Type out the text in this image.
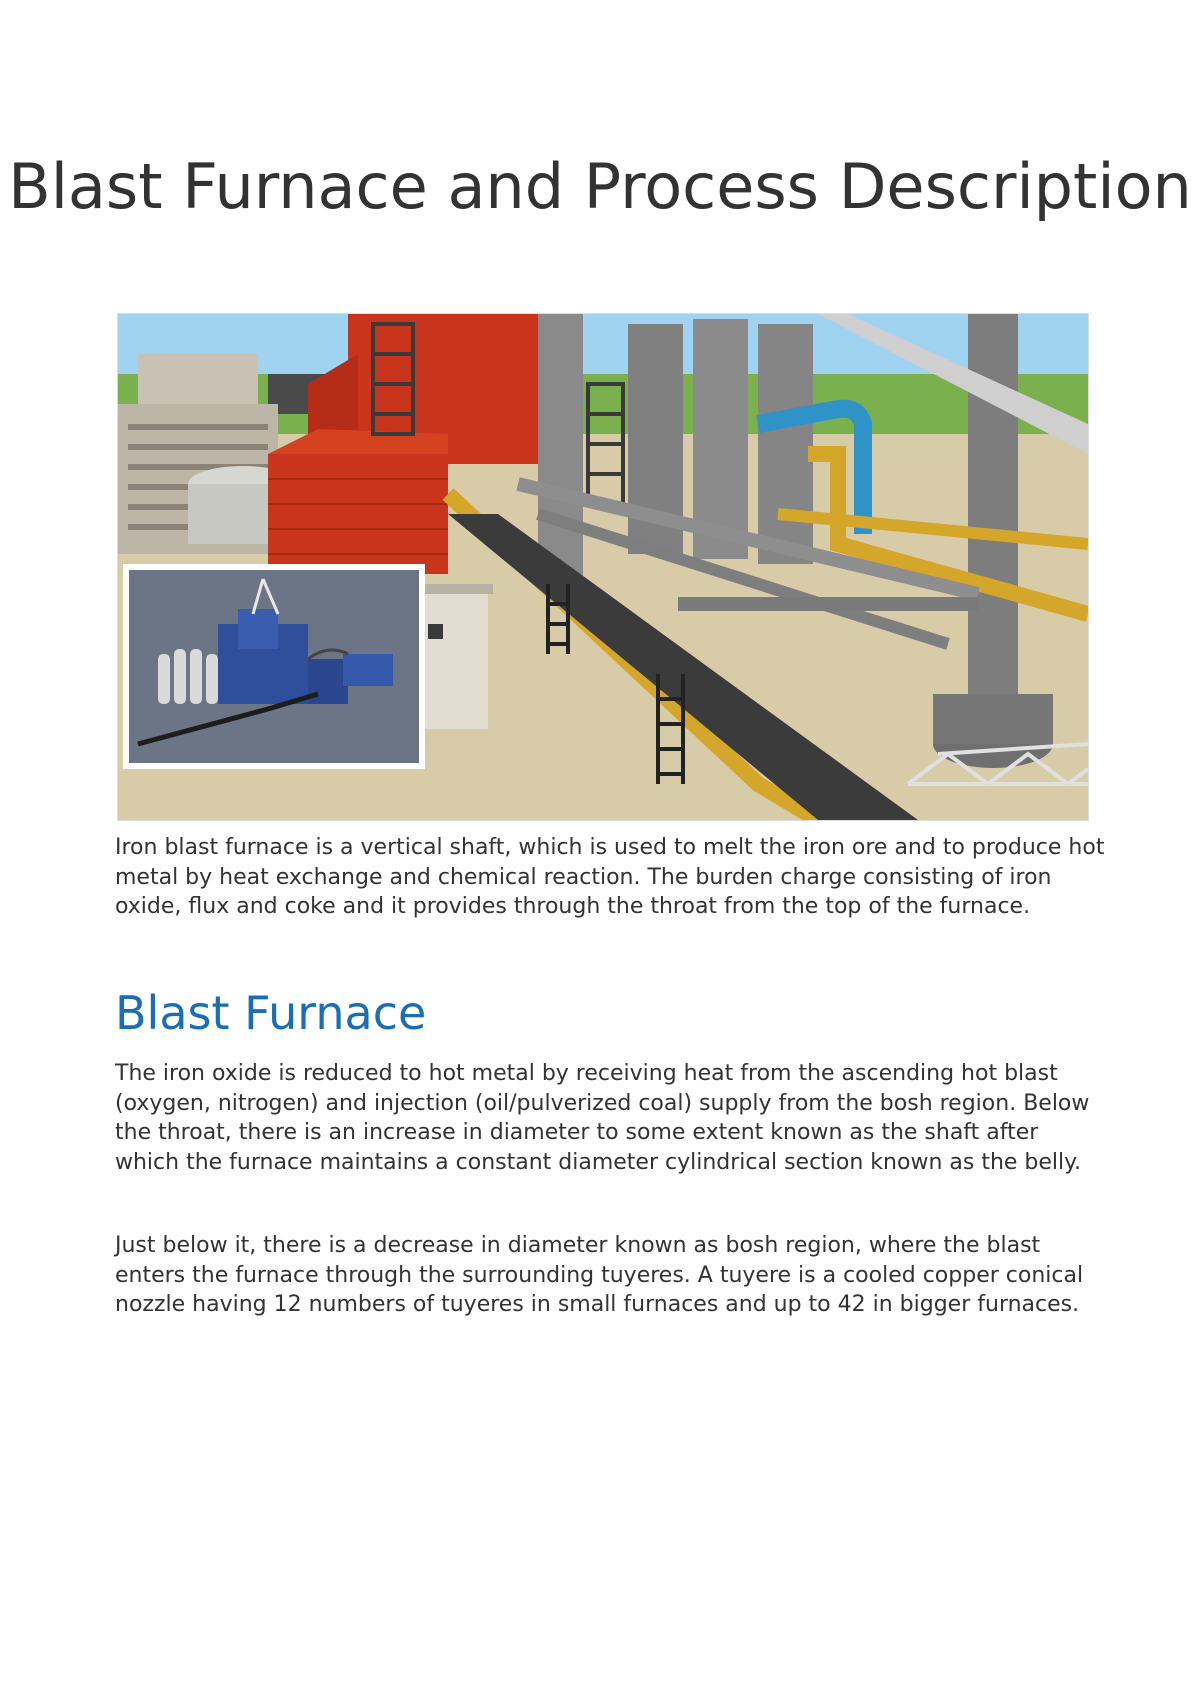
Blast Furnace and Process Description

Iron blast furnace is a vertical shaft, which is used to melt the iron ore and to produce hot metal by heat exchange and chemical reaction. The burden charge consisting of iron oxide, flux and coke and it provides through the throat from the top of the furnace.

Blast Furnace

The iron oxide is reduced to hot metal by receiving heat from the ascending hot blast (oxygen, nitrogen) and injection (oil/pulverized coal) supply from the bosh region. Below the throat, there is an increase in diameter to some extent known as the shaft after which the furnace maintains a constant diameter cylindrical section known as the belly.

Just below it, there is a decrease in diameter known as bosh region, where the blast enters the furnace through the surrounding tuyeres. A tuyere is a cooled copper conical nozzle having 12 numbers of tuyeres in small furnaces and up to 42 in bigger furnaces.
